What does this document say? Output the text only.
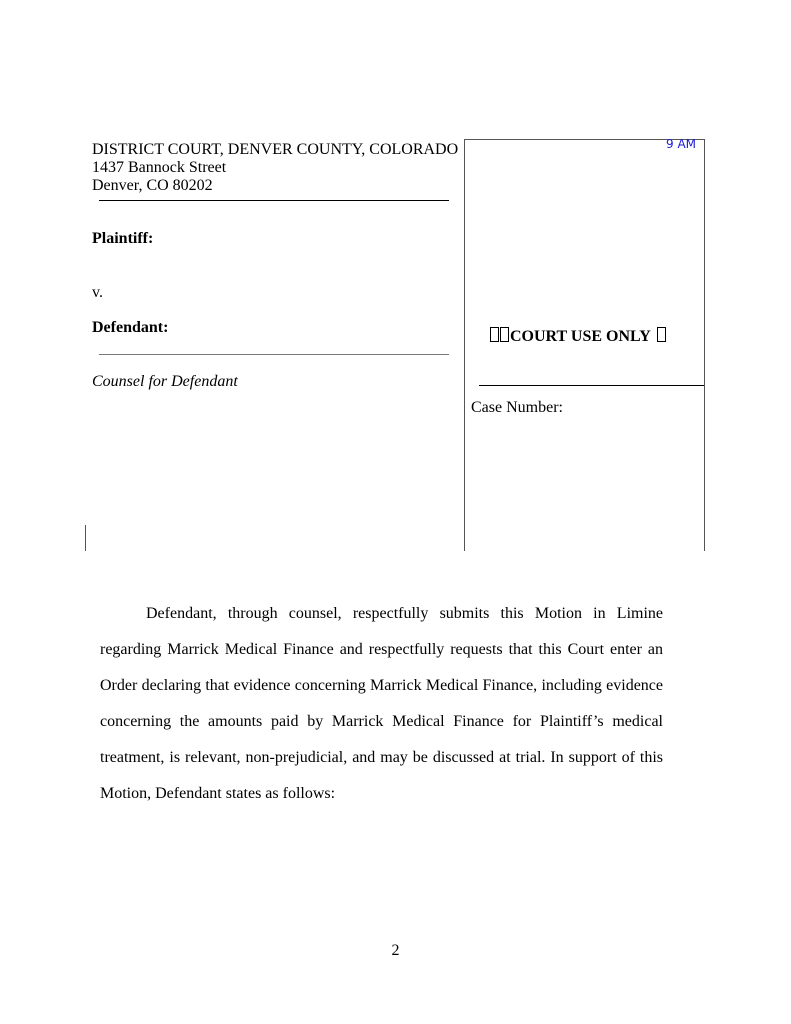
9 AM
DISTRICT COURT, DENVER COUNTY, COLORADO
1437 Bannock Street
Denver, CO 80202
Plaintiff:
v.
Defendant:
Counsel for Defendant
COURT USE ONLY
Case Number:
Defendant, through counsel, respectfully submits this Motion in Limine regarding Marrick Medical Finance and respectfully requests that this Court enter an Order declaring that evidence concerning Marrick Medical Finance, including evidence concerning the amounts paid by Marrick Medical Finance for Plaintiff’s medical treatment, is relevant, non-prejudicial, and may be discussed at trial. In support of this Motion, Defendant states as follows:
2
